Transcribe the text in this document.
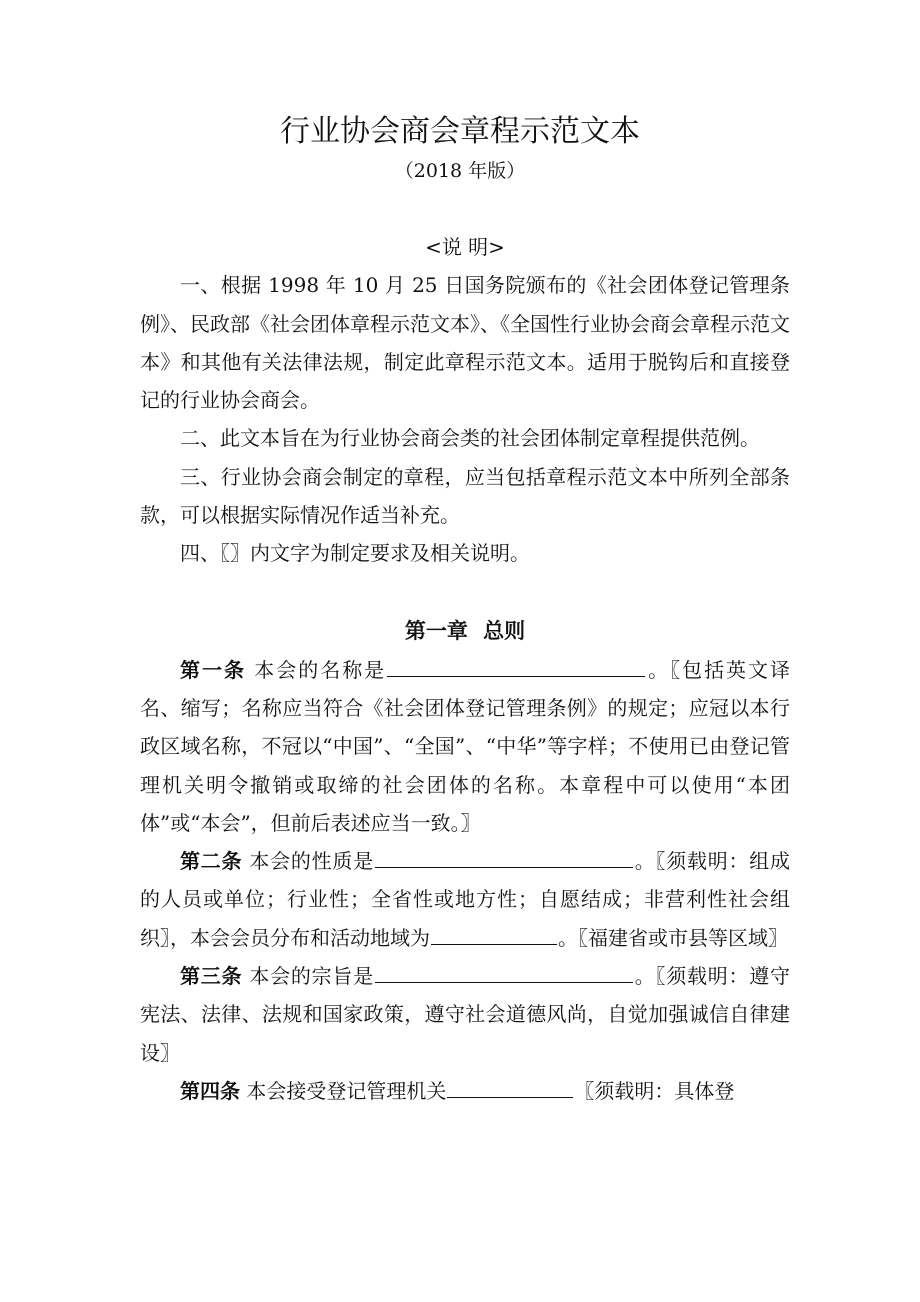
行业协会商会章程示范文本
（2018 年版）
<说 明>

一、根据 1998 年 10 月 25 日国务院颁布的《社会团体登记管理条例》、民政部《社会团体章程示范文本》、《全国性行业协会商会章程示范文本》和其他有关法律法规，制定此章程示范文本。适用于脱钩后和直接登记的行业协会商会。

二、此文本旨在为行业协会商会类的社会团体制定章程提供范例。

三、行业协会商会制定的章程，应当包括章程示范文本中所列全部条款，可以根据实际情况作适当补充。

四、〖〗内文字为制定要求及相关说明。

第一章 总则

第一条 本会的名称是	。〖包括英文译名、缩写；名称应当符合《社会团体登记管理条例》的规定；应冠以本行政区域名称，不冠以“中国”、“全国”、“中华”等字样；不使用已由登记管理机关明令撤销或取缔的社会团体的名称。本章程中可以使用“本团体”或“本会”，但前后表述应当一致。〗

第二条 本会的性质是	。〖须载明：组成的人员或单位；行业性；全省性或地方性；自愿结成；非营利性社会组织〗，本会会员分布和活动地域为	。〖福建省或市县等区域〗

第三条 本会的宗旨是	。〖须载明：遵守宪法、法律、法规和国家政策，遵守社会道德风尚，自觉加强诚信自律建设〗

第四条 本会接受登记管理机关	〖须载明：具体登
